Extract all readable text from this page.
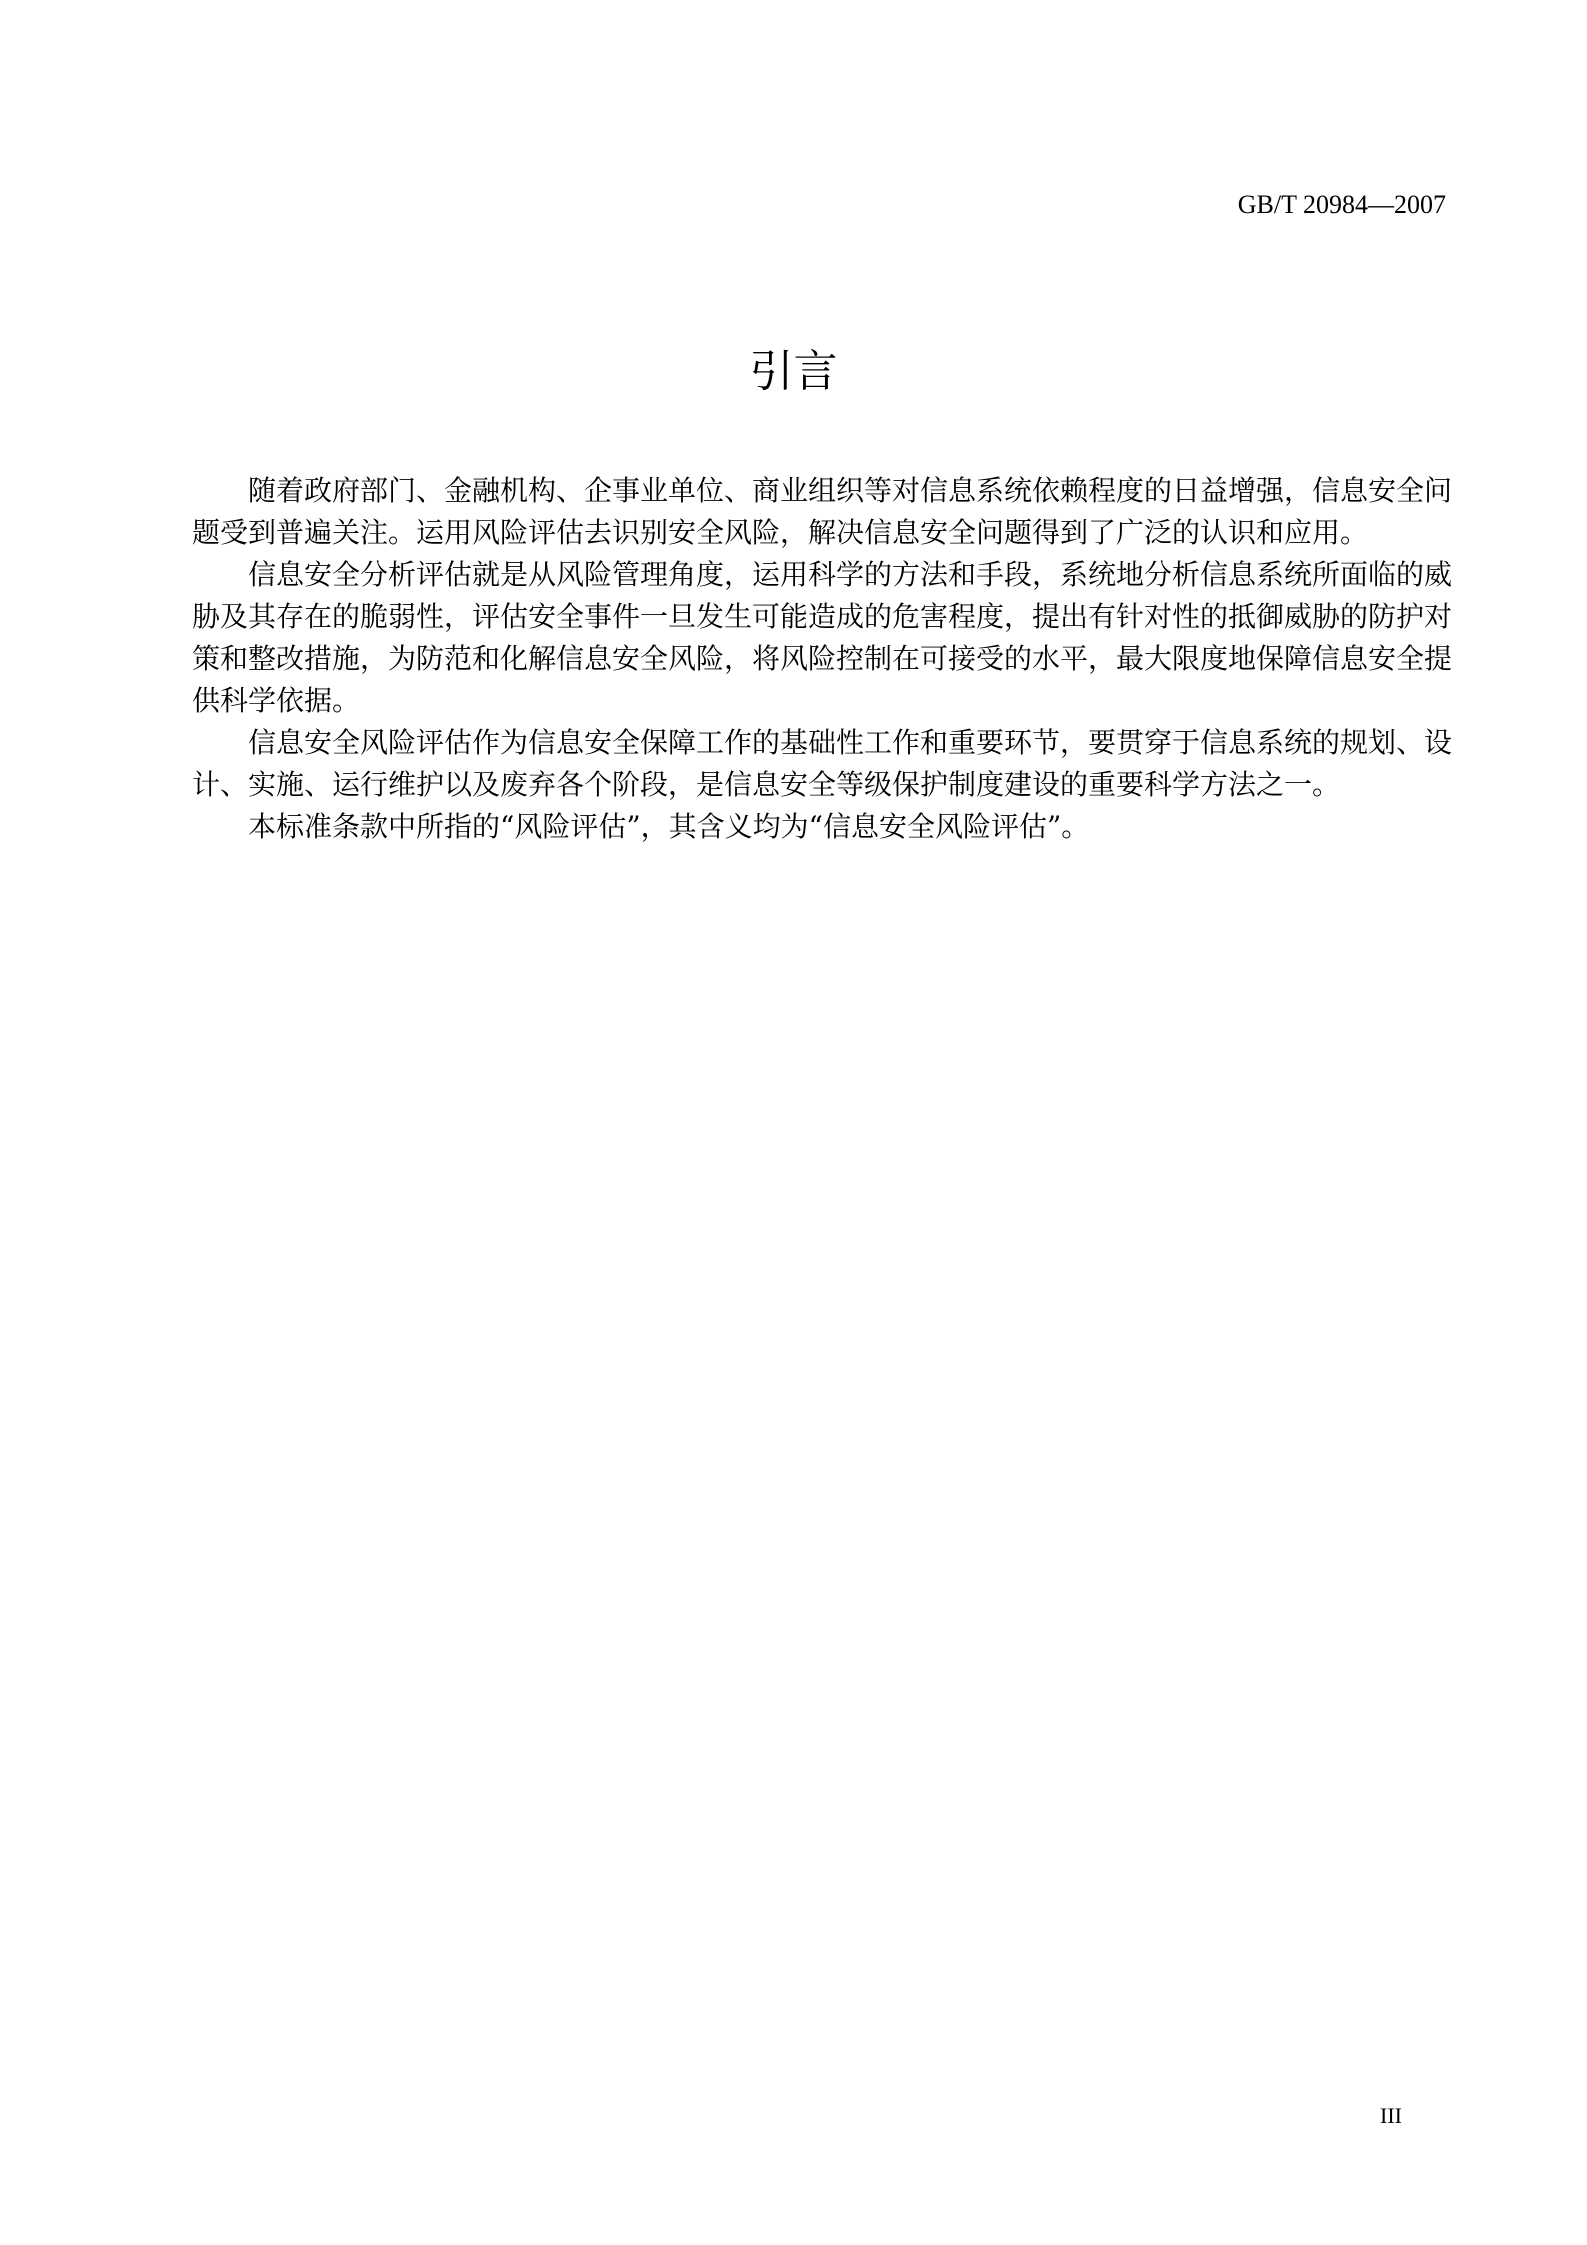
GB/T 20984—2007
引言
随着政府部门、金融机构、企事业单位、商业组织等对信息系统依赖程度的日益增强，信息安全问
题受到普遍关注。运用风险评估去识别安全风险，解决信息安全问题得到了广泛的认识和应用。
信息安全分析评估就是从风险管理角度，运用科学的方法和手段，系统地分析信息系统所面临的威
胁及其存在的脆弱性，评估安全事件一旦发生可能造成的危害程度，提出有针对性的抵御威胁的防护对
策和整改措施，为防范和化解信息安全风险，将风险控制在可接受的水平，最大限度地保障信息安全提
供科学依据。
信息安全风险评估作为信息安全保障工作的基础性工作和重要环节，要贯穿于信息系统的规划、设
计、实施、运行维护以及废弃各个阶段，是信息安全等级保护制度建设的重要科学方法之一。
本标准条款中所指的“风险评估”，其含义均为“信息安全风险评估”。
III
